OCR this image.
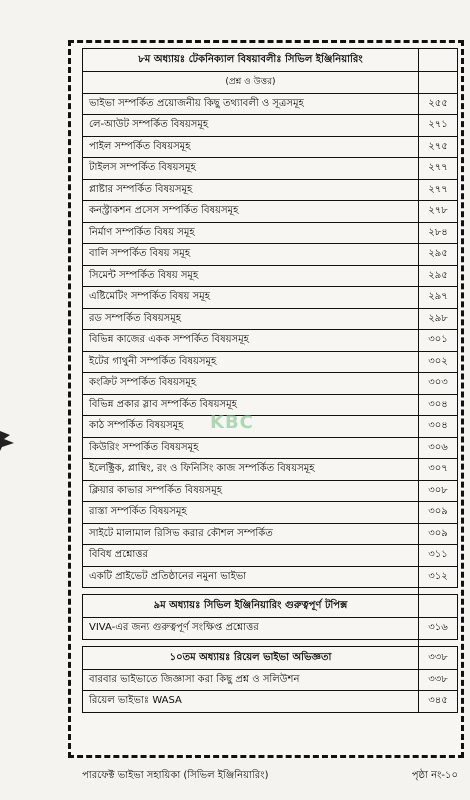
৮ম অধ্যায়ঃ টেকনিক্যাল বিষয়াবলীঃ সিভিল ইঞ্জিনিয়ারিং	
(প্রশ্ন ও উত্তর)	
ভাইভা সম্পর্কিত প্রয়োজনীয় কিছু তথ্যাবলী ও সূত্রসমূহ	২৫৫
লে-আউট সম্পর্কিত বিষয়সমূহ	২৭১
পাইল সম্পর্কিত বিষয়সমূহ	২৭৫
টাইলস সম্পর্কিত বিষয়সমূহ	২৭৭
প্লাষ্টার সম্পর্কিত বিষয়সমূহ	২৭৭
কনস্ট্রাকশন প্রসেস সম্পর্কিত বিষয়সমূহ	২৭৮
নির্মাণ সম্পর্কিত বিষয় সমূহ	২৮৪
বালি সম্পর্কিত বিষয় সমূহ	২৯৫
সিমেন্ট সম্পর্কিত বিষয় সমূহ	২৯৫
এষ্টিমেটিং সম্পর্কিত বিষয় সমূহ	২৯৭
রড সম্পর্কিত বিষয়সমূহ	২৯৮
বিভিন্ন কাজের একক সম্পর্কিত বিষয়সমূহ	৩০১
ইটের গাথুনী সম্পর্কিত বিষয়সমূহ	৩০২
কংক্রিট সম্পর্কিত বিষয়সমূহ	৩০৩
বিভিন্ন প্রকার স্লাব সম্পর্কিত বিষয়সমূহ	৩০৪
কাঠ সম্পর্কিত বিষয়সমূহ	৩০৪
কিউরিং সম্পর্কিত বিষয়সমূহ	৩০৬
ইলেক্ট্রিক, প্লাম্বিং, রং ও ফিনিসিং কাজ সম্পর্কিত বিষয়সমূহ	৩০৭
ক্লিয়ার কাভার সম্পর্কিত বিষয়সমূহ	৩০৮
রাস্তা সম্পর্কিত বিষয়সমূহ	৩০৯
সাইটে মালামাল রিসিভ করার কৌশল সম্পর্কিত	৩০৯
বিবিধ প্রশ্নোত্তর	৩১১
একটি প্রাইভেট প্রতিষ্ঠানের নমুনা ভাইভা	৩১২

৯ম অধ্যায়ঃ সিভিল ইঞ্জিনিয়ারিং গুরুত্বপূর্ণ টপিক্স	
VIVA-এর জন্য গুরুত্বপূর্ণ সংক্ষিপ্ত প্রশ্নোত্তর	৩১৬

১০তম অধ্যায়ঃ রিয়েল ভাইভা অভিজ্ঞতা	৩৩৮
বারবার ভাইভাতে জিজ্ঞাসা করা কিছু প্রশ্ন ও সলিউশন	৩৩৮
রিয়েল ভাইভাঃ WASA	৩৪৫
KBC
পারফেক্ট ভাইভা সহায়িকা (সিভিল ইঞ্জিনিয়ারিং)	পৃষ্ঠা নং-১০
